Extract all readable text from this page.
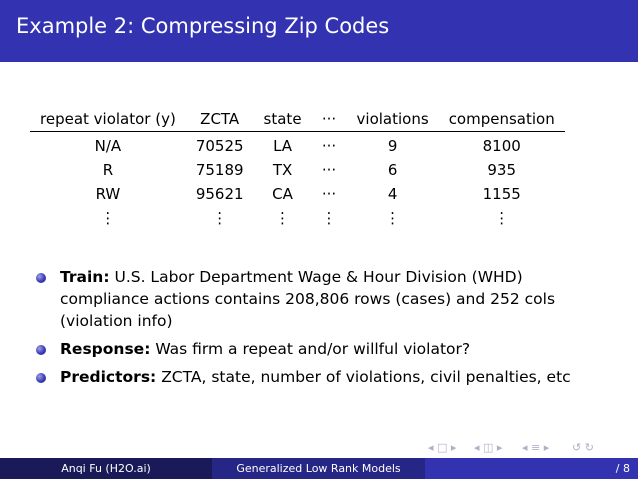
Example 2: Compressing Zip Codes
repeat violator (y)	ZCTA	state	···	violations	compensation
N/A	70525	LA	···	9	8100
R	75189	TX	···	6	935
RW	95621	CA	···	4	1155
⋮	⋮	⋮	⋮	⋮	⋮
Train: U.S. Labor Department Wage & Hour Division (WHD) compliance actions contains 208,806 rows (cases) and 252 cols (violation info)
Response: Was firm a repeat and/or willful violator?
Predictors: ZCTA, state, number of violations, civil penalties, etc
◂ □ ▸ ◂ ◫ ▸ ◂ ≡ ▸ ↺ ↻
Anqi Fu (H2O.ai)	Generalized Low Rank Models	/ 8
